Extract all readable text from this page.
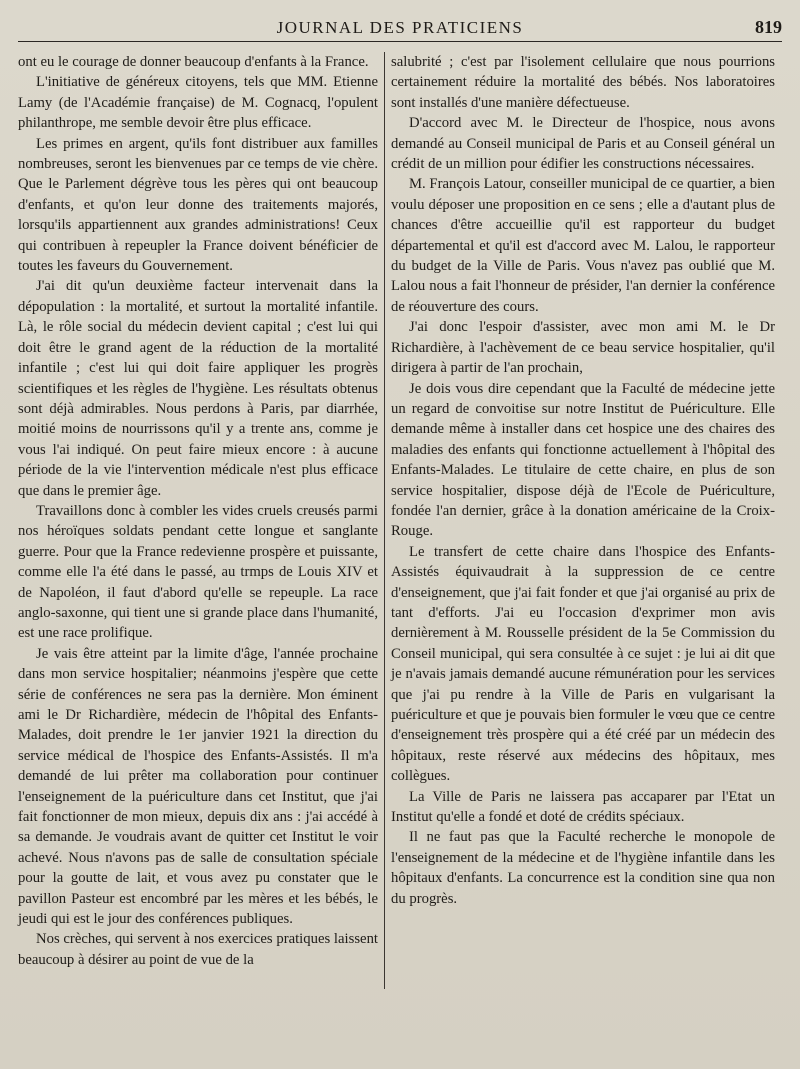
JOURNAL DES PRATICIENS	819

ont eu le courage de donner beaucoup d'enfants à la France.

L'initiative de généreux citoyens, tels que MM. Etienne Lamy (de l'Académie française) de M. Cognacq, l'opulent philanthrope, me semble devoir être plus efficace.

Les primes en argent, qu'ils font distribuer aux familles nombreuses, seront les bienvenues par ce temps de vie chère. Que le Parlement dégrève tous les pères qui ont beaucoup d'enfants, et qu'on leur donne des traitements majorés, lorsqu'ils appartiennent aux grandes administrations! Ceux qui contribuen à repeupler la France doivent bénéficier de toutes les faveurs du Gouvernement.

J'ai dit qu'un deuxième facteur intervenait dans la dépopulation : la mortalité, et surtout la mortalité infantile. Là, le rôle social du médecin devient capital ; c'est lui qui doit être le grand agent de la réduction de la mortalité infantile ; c'est lui qui doit faire appliquer les progrès scientifiques et les règles de l'hygiène. Les résultats obtenus sont déjà admirables. Nous perdons à Paris, par diarrhée, moitié moins de nourrissons qu'il y a trente ans, comme je vous l'ai indiqué. On peut faire mieux encore : à aucune période de la vie l'intervention médicale n'est plus efficace que dans le premier âge.

Travaillons donc à combler les vides cruels creusés parmi nos héroïques soldats pendant cette longue et sanglante guerre. Pour que la France redevienne prospère et puissante, comme elle l'a été dans le passé, au trmps de Louis XIV et de Napoléon, il faut d'abord qu'elle se repeuple. La race anglo-saxonne, qui tient une si grande place dans l'humanité, est une race prolifique.

Je vais être atteint par la limite d'âge, l'année prochaine dans mon service hospitalier; néanmoins j'espère que cette série de conférences ne sera pas la dernière. Mon éminent ami le Dr Richardière, médecin de l'hôpital des Enfants-Malades, doit prendre le 1er janvier 1921 la direction du service médical de l'hospice des Enfants-Assistés. Il m'a demandé de lui prêter ma collaboration pour continuer l'enseignement de la puériculture dans cet Institut, que j'ai fait fonctionner de mon mieux, depuis dix ans : j'ai accédé à sa demande. Je voudrais avant de quitter cet Institut le voir achevé. Nous n'avons pas de salle de consultation spéciale pour la goutte de lait, et vous avez pu constater que le pavillon Pasteur est encombré par les mères et les bébés, le jeudi qui est le jour des conférences publiques.

Nos crèches, qui servent à nos exercices pratiques laissent beaucoup à désirer au point de vue de la

salubrité ; c'est par l'isolement cellulaire que nous pourrions certainement réduire la mortalité des bébés. Nos laboratoires sont installés d'une manière défectueuse.

D'accord avec M. le Directeur de l'hospice, nous avons demandé au Conseil municipal de Paris et au Conseil général un crédit de un million pour édifier les constructions nécessaires.

M. François Latour, conseiller municipal de ce quartier, a bien voulu déposer une proposition en ce sens ; elle a d'autant plus de chances d'être accueillie qu'il est rapporteur du budget départemental et qu'il est d'accord avec M. Lalou, le rapporteur du budget de la Ville de Paris. Vous n'avez pas oublié que M. Lalou nous a fait l'honneur de présider, l'an dernier la conférence de réouverture des cours.

J'ai donc l'espoir d'assister, avec mon ami M. le Dr Richardière, à l'achèvement de ce beau service hospitalier, qu'il dirigera à partir de l'an prochain,

Je dois vous dire cependant que la Faculté de médecine jette un regard de convoitise sur notre Institut de Puériculture. Elle demande même à installer dans cet hospice une des chaires des maladies des enfants qui fonctionne actuellement à l'hôpital des Enfants-Malades. Le titulaire de cette chaire, en plus de son service hospitalier, dispose déjà de l'Ecole de Puériculture, fondée l'an dernier, grâce à la donation américaine de la Croix-Rouge.

Le transfert de cette chaire dans l'hospice des Enfants-Assistés équivaudrait à la suppression de ce centre d'enseignement, que j'ai fait fonder et que j'ai organisé au prix de tant d'efforts. J'ai eu l'occasion d'exprimer mon avis dernièrement à M. Rousselle président de la 5e Commission du Conseil municipal, qui sera consultée à ce sujet : je lui ai dit que je n'avais jamais demandé aucune rémunération pour les services que j'ai pu rendre à la Ville de Paris en vulgarisant la puériculture et que je pouvais bien formuler le vœu que ce centre d'enseignement très prospère qui a été créé par un médecin des hôpitaux, reste réservé aux médecins des hôpitaux, mes collègues.

La Ville de Paris ne laissera pas accaparer par l'Etat un Institut qu'elle a fondé et doté de crédits spéciaux.

Il ne faut pas que la Faculté recherche le monopole de l'enseignement de la médecine et de l'hygiène infantile dans les hôpitaux d'enfants. La concurrence est la condition sine qua non du progrès.
